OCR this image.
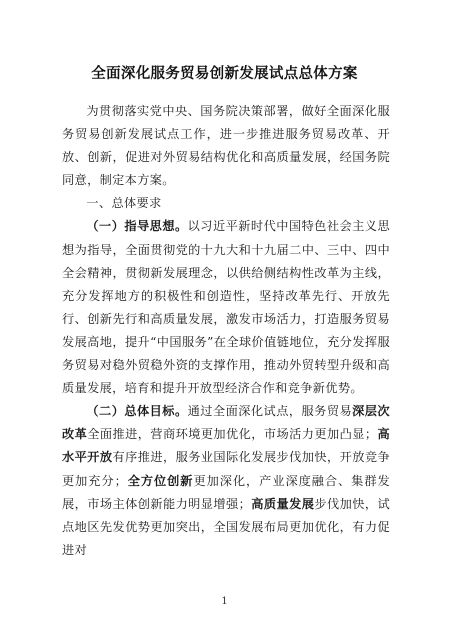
全面深化服务贸易创新发展试点总体方案

为贯彻落实党中央、国务院决策部署，做好全面深化服务贸易创新发展试点工作，进一步推进服务贸易改革、开放、创新，促进对外贸易结构优化和高质量发展，经国务院同意，制定本方案。

一、总体要求

（一）指导思想。以习近平新时代中国特色社会主义思想为指导，全面贯彻党的十九大和十九届二中、三中、四中全会精神，贯彻新发展理念，以供给侧结构性改革为主线，充分发挥地方的积极性和创造性，坚持改革先行、开放先行、创新先行和高质量发展，激发市场活力，打造服务贸易发展高地，提升“中国服务”在全球价值链地位，充分发挥服务贸易对稳外贸稳外资的支撑作用，推动外贸转型升级和高质量发展，培育和提升开放型经济合作和竞争新优势。

（二）总体目标。通过全面深化试点，服务贸易深层次改革全面推进，营商环境更加优化，市场活力更加凸显；高水平开放有序推进，服务业国际化发展步伐加快，开放竞争更加充分；全方位创新更加深化，产业深度融合、集群发展，市场主体创新能力明显增强；高质量发展步伐加快，试点地区先发优势更加突出，全国发展布局更加优化，有力促进对

1
